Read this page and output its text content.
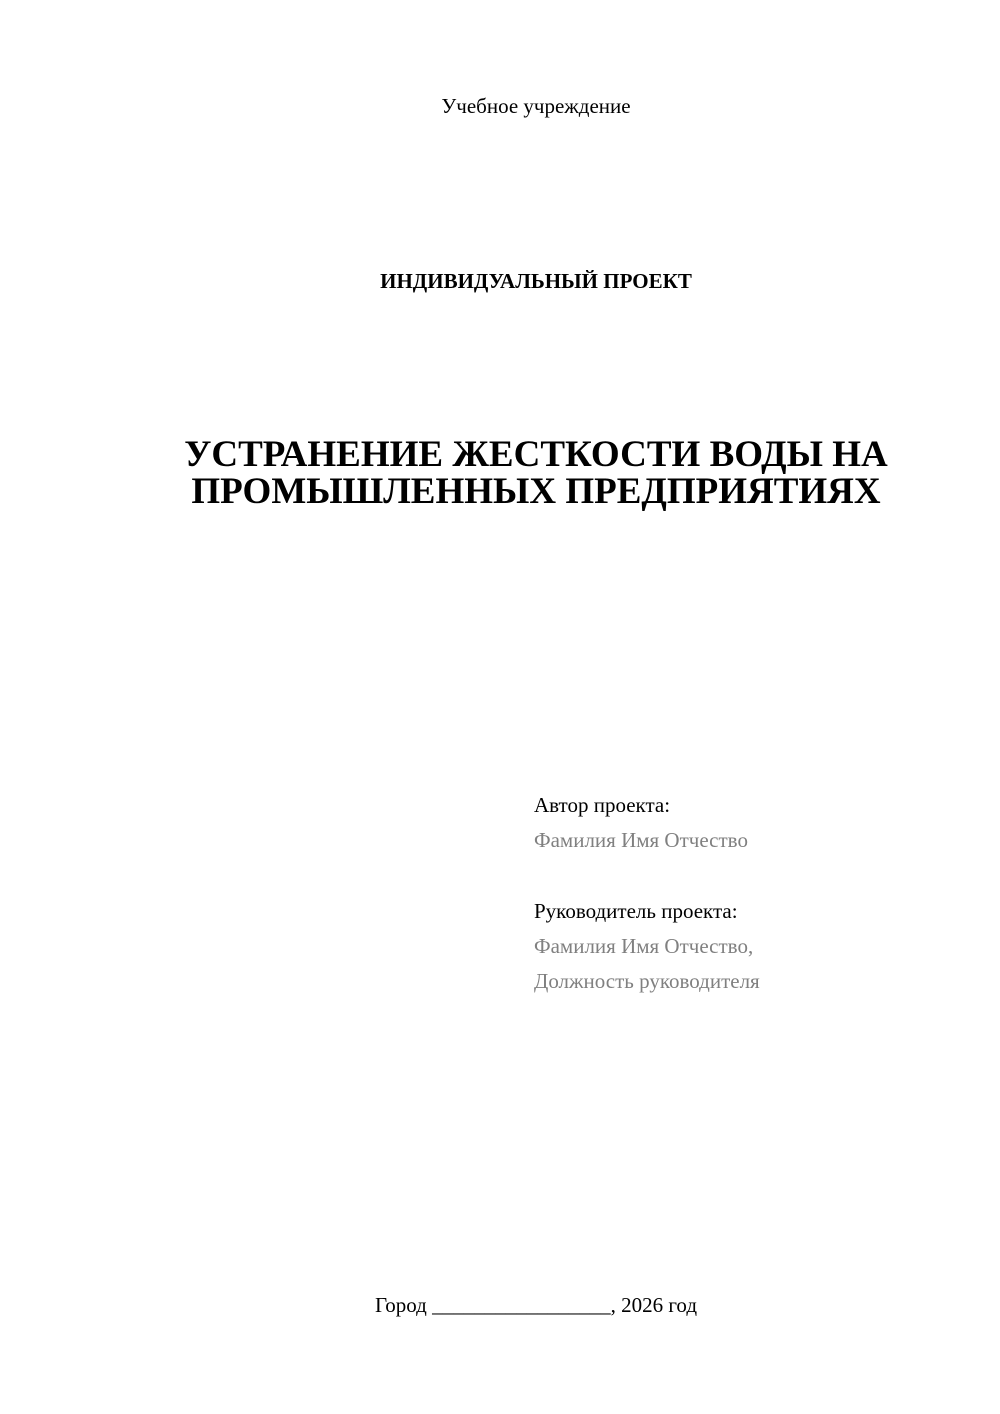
Учебное учреждение
ИНДИВИДУАЛЬНЫЙ ПРОЕКТ
УСТРАНЕНИЕ ЖЕСТКОСТИ ВОДЫ НА
ПРОМЫШЛЕННЫХ ПРЕДПРИЯТИЯХ
Автор проекта:
Фамилия Имя Отчество
Руководитель проекта:
Фамилия Имя Отчество,
Должность руководителя
Город _________________, 2026 год
